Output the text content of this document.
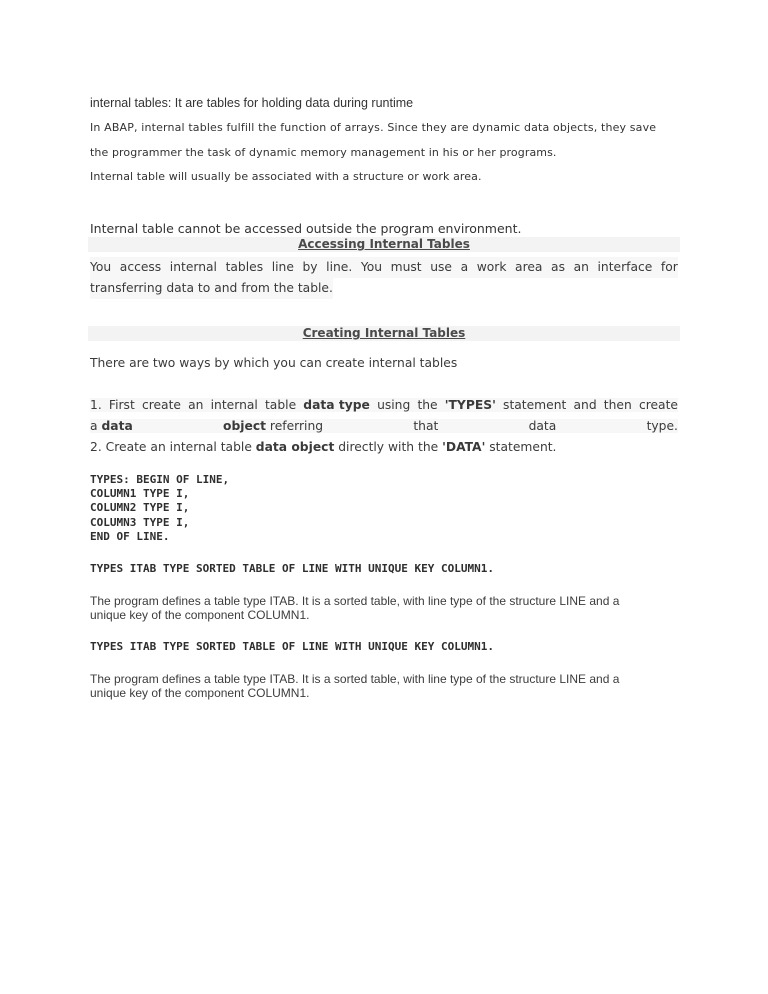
internal tables: It are tables for holding data during runtime
In ABAP, internal tables fulfill the function of arrays. Since they are dynamic data objects, they save
the programmer the task of dynamic memory management in his or her programs.
Internal table will usually be associated with a structure or work area.
Internal table cannot be accessed outside the program environment.
Accessing Internal Tables
You access internal tables line by line. You must use a work area as an interface for
transferring data to and from the table.
Creating Internal Tables
There are two ways by which you can create internal tables
1. First create an internal table data type using the 'TYPES' statement and then create
a data	object referring	that	data	type.
2. Create an internal table data object directly with the 'DATA' statement.
TYPES: BEGIN OF LINE,
COLUMN1 TYPE I,
COLUMN2 TYPE I,
COLUMN3 TYPE I,
END OF LINE.
TYPES ITAB TYPE SORTED TABLE OF LINE WITH UNIQUE KEY COLUMN1.
The program defines a table type ITAB. It is a sorted table, with line type of the structure LINE and a
unique key of the component COLUMN1.
TYPES ITAB TYPE SORTED TABLE OF LINE WITH UNIQUE KEY COLUMN1.
The program defines a table type ITAB. It is a sorted table, with line type of the structure LINE and a
unique key of the component COLUMN1.
